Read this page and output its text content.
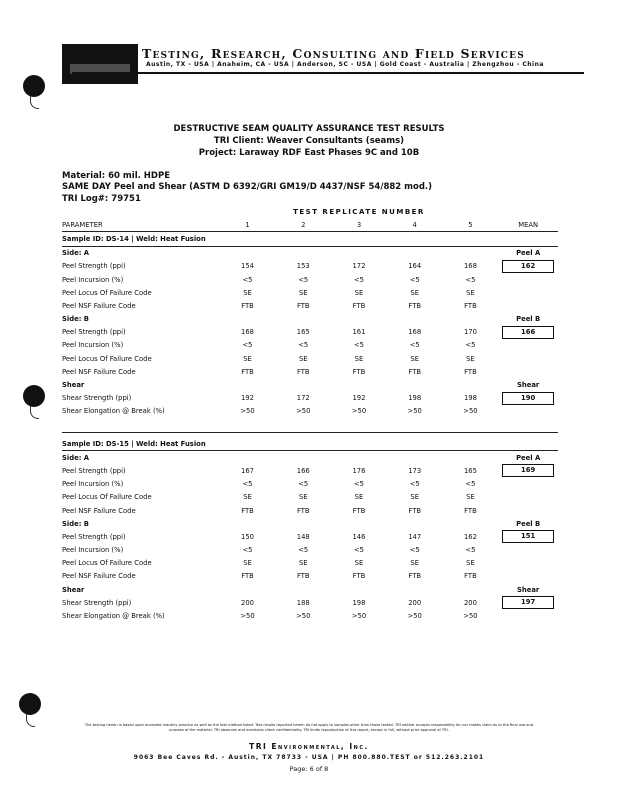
Testing, Research, Consulting and Field Services
Austin, TX - USA | Anaheim, CA - USA | Anderson, SC - USA | Gold Coast - Australia | Zhengzhou - China
DESTRUCTIVE SEAM QUALITY ASSURANCE TEST RESULTS
TRI Client: Weaver Consultants (seams)
Project: Laraway RDF East Phases 9C and 10B
Material: 60 mil. HDPE
SAME DAY Peel and Shear (ASTM D 6392/GRI GM19/D 4437/NSF 54/882 mod.)
TRI Log#: 79751
	TEST REPLICATE NUMBER					
PARAMETER	1	2	3	4	5	MEAN
Sample ID: DS-14 | Weld: Heat Fusion						
Side: A						Peel A
Peel Strength (ppi)	154	153	172	164	168	162
Peel Incursion (%)	<5	<5	<5	<5	<5	
Peel Locus Of Failure Code	SE	SE	SE	SE	SE	
Peel NSF Failure Code	FTB	FTB	FTB	FTB	FTB	
Side: B						Peel B
Peel Strength (ppi)	168	165	161	168	170	166
Peel Incursion (%)	<5	<5	<5	<5	<5	
Peel Locus Of Failure Code	SE	SE	SE	SE	SE	
Peel NSF Failure Code	FTB	FTB	FTB	FTB	FTB	
Shear						Shear
Shear Strength (ppi)	192	172	192	198	198	190
Shear Elongation @ Break (%)	>50	>50	>50	>50	>50	

Sample ID: DS-15 | Weld: Heat Fusion						
Side: A						Peel A
Peel Strength (ppi)	167	166	176	173	165	169
Peel Incursion (%)	<5	<5	<5	<5	<5	
Peel Locus Of Failure Code	SE	SE	SE	SE	SE	
Peel NSF Failure Code	FTB	FTB	FTB	FTB	FTB	
Side: B						Peel B
Peel Strength (ppi)	150	148	146	147	162	151
Peel Incursion (%)	<5	<5	<5	<5	<5	
Peel Locus Of Failure Code	SE	SE	SE	SE	SE	
Peel NSF Failure Code	FTB	FTB	FTB	FTB	FTB	
Shear						Shear
Shear Strength (ppi)	200	188	198	200	200	197
Shear Elongation @ Break (%)	>50	>50	>50	>50	>50	
The testing herein is based upon accepted industry practice as well as the test method listed. Test results reported herein do not apply to samples other than those tested. TRI neither accepts responsibility for nor makes claim as to the final use and purpose of the material. TRI observes and maintains client confidentiality. TRI limits reproduction of this report, except in full, without prior approval of TRI.
TRI Environmental, Inc.
9063 Bee Caves Rd. - Austin, TX 78733 - USA | PH 800.880.TEST or 512.263.2101
Page: 6 of 8
